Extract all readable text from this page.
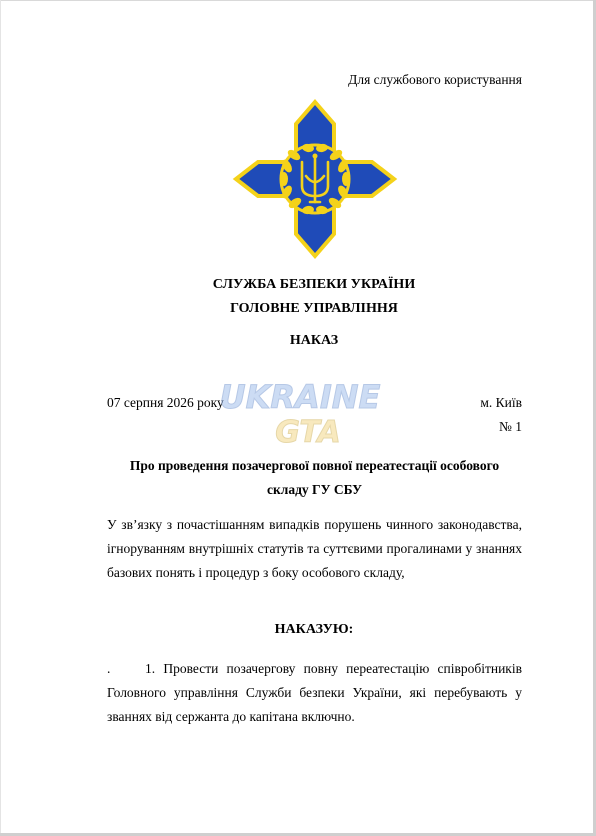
Для службового користування
СЛУЖБА БЕЗПЕКИ УКРАЇНИ
ГОЛОВНЕ УПРАВЛІННЯ
НАКАЗ
07 серпня 2026 року	м. Київ
№ 1
UKRAINE
GTA
Про проведення позачергової повної переатестації особового
складу ГУ СБУ
У зв’язку з почастішанням випадків порушень чинного законодавства, ігноруванням внутрішніх статутів та суттєвими прогалинами у знаннях базових понять і процедур з боку особового складу,
НАКАЗУЮ:
.	1. Провести позачергову повну переатестацію співробітників Головного управління Служби безпеки України, які перебувають у званнях від сержанта до капітана включно.
